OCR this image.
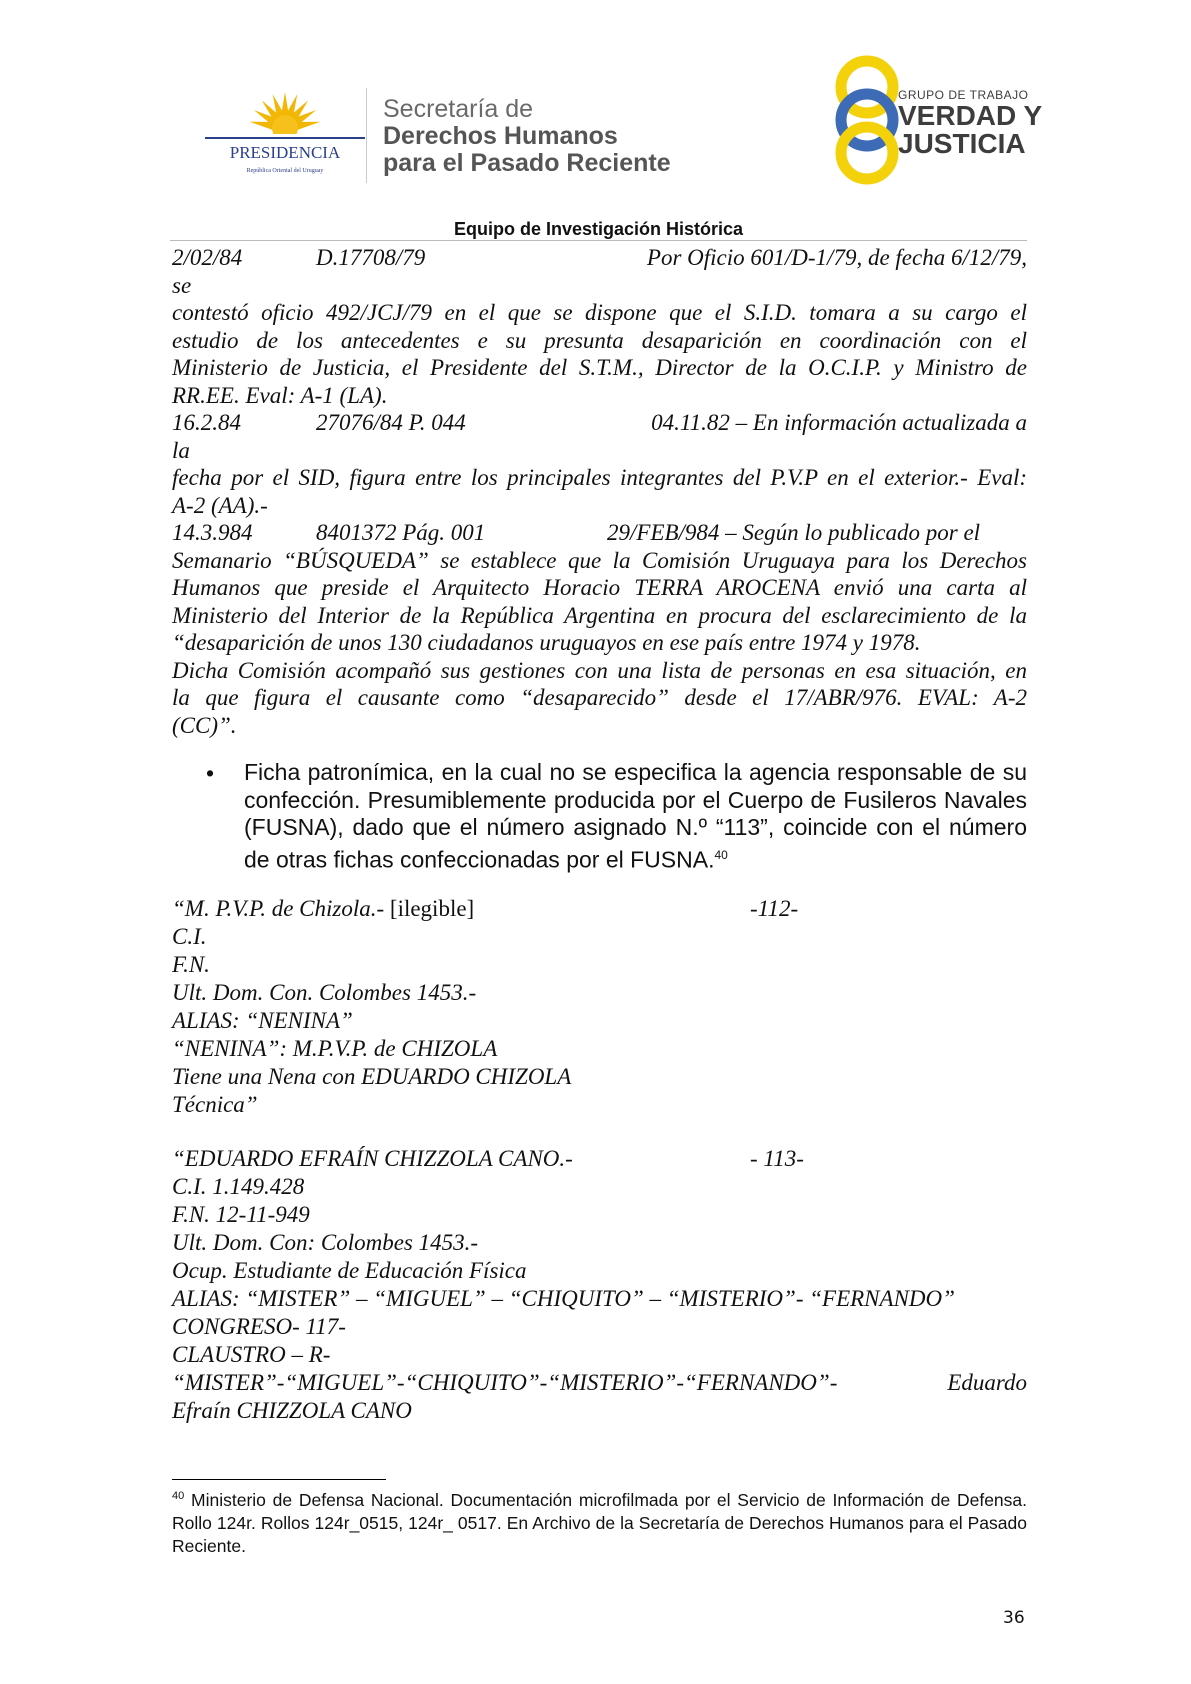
PRESIDENCIA
República Oriental del Uruguay
Secretaría de
Derechos Humanos
para el Pasado Reciente
GRUPO DE TRABAJO
VERDAD Y
JUSTICIA
Equipo de Investigación Histórica
2/02/84	D.17708/79	Por Oficio 601/D-1/79, de fecha 6/12/79,
se
contestó oficio 492/JCJ/79 en el que se dispone que el S.I.D. tomara a su cargo el
estudio de los antecedentes e su presunta desaparición en coordinación con el
Ministerio de Justicia, el Presidente del S.T.M., Director de la O.C.I.P. y Ministro de
RR.EE. Eval: A-1 (LA).
16.2.84	27076/84 P. 044	04.11.82 – En información actualizada a
la
fecha por el SID, figura entre los principales integrantes del P.V.P en el exterior.- Eval:
A-2 (AA).-
14.3.984	8401372 Pág. 001	29/FEB/984 – Según lo publicado por el
Semanario “BÚSQUEDA” se establece que la Comisión Uruguaya para los Derechos
Humanos que preside el Arquitecto Horacio TERRA AROCENA envió una carta al
Ministerio del Interior de la República Argentina en procura del esclarecimiento de la
“desaparición de unos 130 ciudadanos uruguayos en ese país entre 1974 y 1978.
Dicha Comisión acompañó sus gestiones con una lista de personas en esa situación, en
la que figura el causante como “desaparecido” desde el 17/ABR/976. EVAL: A-2
(CC)”.
• Ficha patronímica, en la cual no se especifica la agencia responsable de su confección. Presumiblemente producida por el Cuerpo de Fusileros Navales (FUSNA), dado que el número asignado N.º “113”, coincide con el número de otras fichas confeccionadas por el FUSNA.$^{40}$
“M. P.V.P. de Chizola.- [ilegible]	-112-
C.I.
F.N.
Ult. Dom. Con. Colombes 1453.-
ALIAS: “NENINA”
“NENINA”: M.P.V.P. de CHIZOLA
Tiene una Nena con EDUARDO CHIZOLA
Técnica”
“EDUARDO EFRAÍN CHIZZOLA CANO.-	- 113-
C.I. 1.149.428
F.N. 12-11-949
Ult. Dom. Con: Colombes 1453.-
Ocup. Estudiante de Educación Física
ALIAS: “MISTER” – “MIGUEL” – “CHIQUITO” – “MISTERIO”- “FERNANDO”
CONGRESO- 117-
CLAUSTRO – R-
“MISTER”-“MIGUEL”-“CHIQUITO”-“MISTERIO”-“FERNANDO”-	Eduardo
Efraín CHIZZOLA CANO
$^{40}$ Ministerio de Defensa Nacional. Documentación microfilmada por el Servicio de Información de Defensa. Rollo 124r. Rollos 124r_0515, 124r_ 0517. En Archivo de la Secretaría de Derechos Humanos para el Pasado Reciente.
36
